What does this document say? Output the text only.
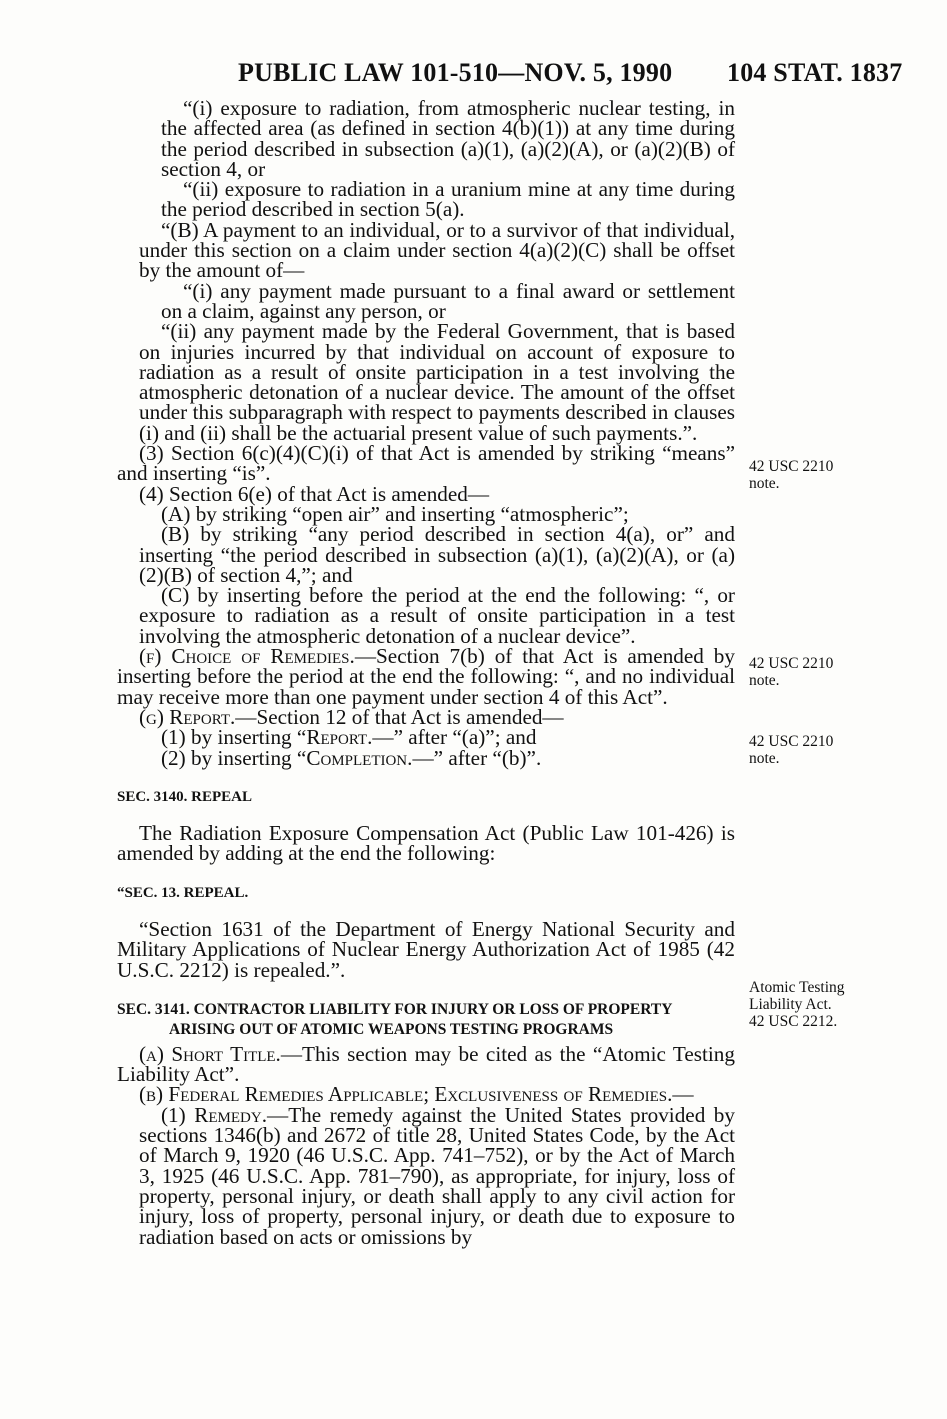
PUBLIC LAW 101-510—NOV. 5, 1990 104 STAT. 1837

“(i) exposure to radiation, from atmospheric nuclear testing, in the affected area (as defined in section 4(b)(1)) at any time during the period described in subsection (a)(1), (a)(2)(A), or (a)(2)(B) of section 4, or

“(ii) exposure to radiation in a uranium mine at any time during the period described in section 5(a).

“(B) A payment to an individual, or to a survivor of that individual, under this section on a claim under section 4(a)(2)(C) shall be offset by the amount of—

“(i) any payment made pursuant to a final award or settlement on a claim, against any person, or

“(ii) any payment made by the Federal Government, that is based on injuries incurred by that individual on account of exposure to radiation as a result of onsite participation in a test involving the atmospheric detonation of a nuclear device. The amount of the offset under this subparagraph with respect to payments described in clauses (i) and (ii) shall be the actuarial present value of such payments.”.

(3) Section 6(c)(4)(C)(i) of that Act is amended by striking “means” and inserting “is”.

(4) Section 6(e) of that Act is amended—

(A) by striking “open air” and inserting “atmospheric”;

(B) by striking “any period described in section 4(a), or” and inserting “the period described in subsection (a)(1), (a)(2)(A), or (a)(2)(B) of section 4,”; and

(C) by inserting before the period at the end the following: “, or exposure to radiation as a result of onsite participation in a test involving the atmospheric detonation of a nuclear device”.

(f) Choice of Remedies.—Section 7(b) of that Act is amended by inserting before the period at the end the following: “, and no individual may receive more than one payment under section 4 of this Act”.

(g) Report.—Section 12 of that Act is amended—

(1) by inserting “Report.—” after “(a)”; and

(2) by inserting “Completion.—” after “(b)”.

SEC. 3140. REPEAL

The Radiation Exposure Compensation Act (Public Law 101-426) is amended by adding at the end the following:

“SEC. 13. REPEAL.

“Section 1631 of the Department of Energy National Security and Military Applications of Nuclear Energy Authorization Act of 1985 (42 U.S.C. 2212) is repealed.”.

SEC. 3141. CONTRACTOR LIABILITY FOR INJURY OR LOSS OF PROPERTY
ARISING OUT OF ATOMIC WEAPONS TESTING PROGRAMS

(a) Short Title.—This section may be cited as the “Atomic Testing Liability Act”.

(b) Federal Remedies Applicable; Exclusiveness of Remedies.—

(1) Remedy.—The remedy against the United States provided by sections 1346(b) and 2672 of title 28, United States Code, by the Act of March 9, 1920 (46 U.S.C. App. 741–752), or by the Act of March 3, 1925 (46 U.S.C. App. 781–790), as appropriate, for injury, loss of property, personal injury, or death shall apply to any civil action for injury, loss of property, personal injury, or death due to exposure to radiation based on acts or omissions by

42 USC 2210
note.
42 USC 2210
note.
42 USC 2210
note.
Atomic Testing
Liability Act.
42 USC 2212.
